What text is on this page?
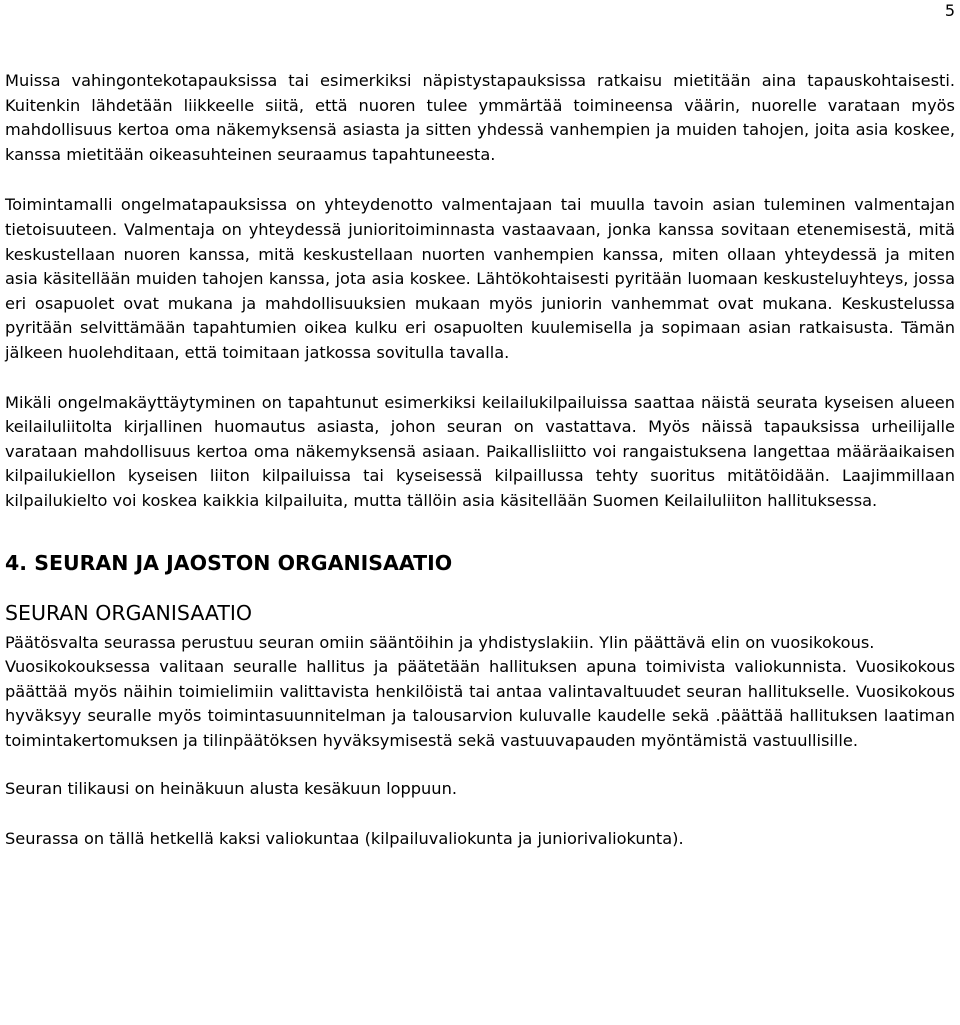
5

Muissa vahingontekotapauksissa tai esimerkiksi näpistystapauksissa ratkaisu mietitään aina tapauskohtaisesti. Kuitenkin lähdetään liikkeelle siitä, että nuoren tulee ymmärtää toimineensa väärin, nuorelle varataan myös mahdollisuus kertoa oma näkemyksensä asiasta ja sitten yhdessä vanhempien ja muiden tahojen, joita asia koskee, kanssa mietitään oikeasuhteinen seuraamus tapahtuneesta.

Toimintamalli ongelmatapauksissa on yhteydenotto valmentajaan tai muulla tavoin asian tuleminen valmentajan tietoisuuteen. Valmentaja on yhteydessä junioritoiminnasta vastaavaan, jonka kanssa sovitaan etenemisestä, mitä keskustellaan nuoren kanssa, mitä keskustellaan nuorten vanhempien kanssa, miten ollaan yhteydessä ja miten asia käsitellään muiden tahojen kanssa, jota asia koskee. Lähtökohtaisesti pyritään luomaan keskusteluyhteys, jossa eri osapuolet ovat mukana ja mahdollisuuksien mukaan myös juniorin vanhemmat ovat mukana. Keskustelussa pyritään selvittämään tapahtumien oikea kulku eri osapuolten kuulemisella ja sopimaan asian ratkaisusta. Tämän jälkeen huolehditaan, että toimitaan jatkossa sovitulla tavalla.

Mikäli ongelmakäyttäytyminen on tapahtunut esimerkiksi keilailukilpailuissa saattaa näistä seurata kyseisen alueen keilailuliitolta kirjallinen huomautus asiasta, johon seuran on vastattava. Myös näissä tapauksissa urheilijalle varataan mahdollisuus kertoa oma näkemyksensä asiaan. Paikallisliitto voi rangaistuksena langettaa määräaikaisen kilpailukiellon kyseisen liiton kilpailuissa tai kyseisessä kilpaillussa tehty suoritus mitätöidään. Laajimmillaan kilpailukielto voi koskea kaikkia kilpailuita, mutta tällöin asia käsitellään Suomen Keilailuliiton hallituksessa.

4. SEURAN JA JAOSTON ORGANISAATIO
SEURAN ORGANISAATIO

Päätösvalta seurassa perustuu seuran omiin sääntöihin ja yhdistyslakiin. Ylin päättävä elin on vuosikokous.

Vuosikokouksessa valitaan seuralle hallitus ja päätetään hallituksen apuna toimivista valiokunnista. Vuosikokous päättää myös näihin toimielimiin valittavista henkilöistä tai antaa valintavaltuudet seuran hallitukselle. Vuosikokous hyväksyy seuralle myös toimintasuunnitelman ja talousarvion kuluvalle kaudelle sekä .päättää hallituksen laatiman toimintakertomuksen ja tilinpäätöksen hyväksymisestä sekä vastuuvapauden myöntämistä vastuullisille.

Seuran tilikausi on heinäkuun alusta kesäkuun loppuun.

Seurassa on tällä hetkellä kaksi valiokuntaa (kilpailuvaliokunta ja juniorivaliokunta).
